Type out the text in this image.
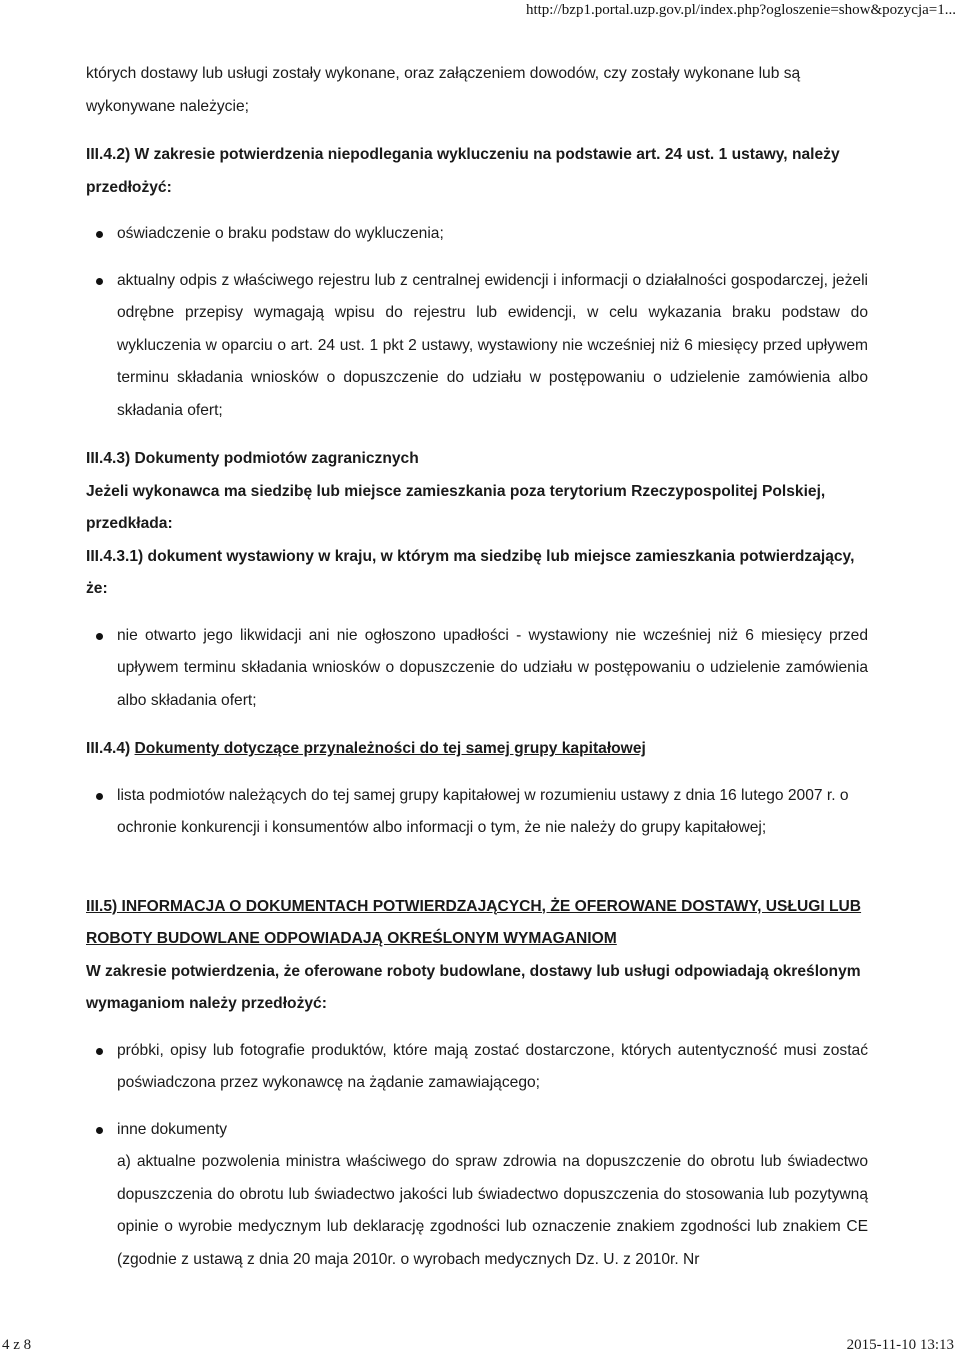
http://bzp1.portal.uzp.gov.pl/index.php?ogloszenie=show&pozycja=1...

których dostawy lub usługi zostały wykonane, oraz załączeniem dowodów, czy zostały wykonane lub są

wykonywane należycie;

III.4.2) W zakresie potwierdzenia niepodlegania wykluczeniu na podstawie art. 24 ust. 1 ustawy, należy przedłożyć:

oświadczenie o braku podstaw do wykluczenia;

aktualny odpis z właściwego rejestru lub z centralnej ewidencji i informacji o działalności gospodarczej, jeżeli odrębne przepisy wymagają wpisu do rejestru lub ewidencji, w celu wykazania braku podstaw do wykluczenia w oparciu o art. 24 ust. 1 pkt 2 ustawy, wystawiony nie wcześniej niż 6 miesięcy przed upływem terminu składania wniosków o dopuszczenie do udziału w postępowaniu o udzielenie zamówienia albo składania ofert;

III.4.3) Dokumenty podmiotów zagranicznych

Jeżeli wykonawca ma siedzibę lub miejsce zamieszkania poza terytorium Rzeczypospolitej Polskiej, przedkłada:

III.4.3.1) dokument wystawiony w kraju, w którym ma siedzibę lub miejsce zamieszkania potwierdzający, że:

nie otwarto jego likwidacji ani nie ogłoszono upadłości - wystawiony nie wcześniej niż 6 miesięcy przed upływem terminu składania wniosków o dopuszczenie do udziału w postępowaniu o udzielenie zamówienia albo składania ofert;

III.4.4) Dokumenty dotyczące przynależności do tej samej grupy kapitałowej

lista podmiotów należących do tej samej grupy kapitałowej w rozumieniu ustawy z dnia 16 lutego 2007 r. o ochronie konkurencji i konsumentów albo informacji o tym, że nie należy do grupy kapitałowej;

III.5) INFORMACJA O DOKUMENTACH POTWIERDZAJĄCYCH, ŻE OFEROWANE DOSTAWY, USŁUGI LUB ROBOTY BUDOWLANE ODPOWIADAJĄ OKREŚLONYM WYMAGANIOM

W zakresie potwierdzenia, że oferowane roboty budowlane, dostawy lub usługi odpowiadają określonym wymaganiom należy przedłożyć:

próbki, opisy lub fotografie produktów, które mają zostać dostarczone, których autentyczność musi zostać poświadczona przez wykonawcę na żądanie zamawiającego;

inne dokumenty

a) aktualne pozwolenia ministra właściwego do spraw zdrowia na dopuszczenie do obrotu lub świadectwo dopuszczenia do obrotu lub świadectwo jakości lub świadectwo dopuszczenia do stosowania lub pozytywną opinie o wyrobie medycznym lub deklarację zgodności lub oznaczenie znakiem zgodności lub znakiem CE (zgodnie z ustawą z dnia 20 maja 2010r. o wyrobach medycznych Dz. U. z 2010r. Nr

4 z 8	2015-11-10 13:13
